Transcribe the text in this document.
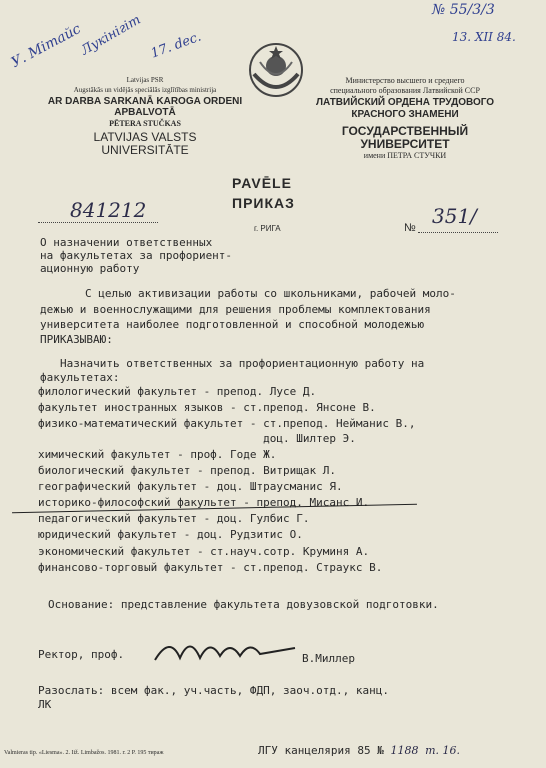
№ 55/3/3
13. XII 84.
У. Мітайс
Лукінігіт 17. dec.
Latvijas PSR
Augstākās un vidējās speciālās izglītības ministrija
AR DARBA SARKANĀ KAROGA ORDENI
APBALVOTĀ
PĒTERA STUČKAS
LATVIJAS VALSTS
UNIVERSITĀTE
Министерство высшего и среднего
специального образования Латвийской ССР
ЛАТВИЙСКИЙ ОРДЕНА ТРУДОВОГО
КРАСНОГО ЗНАМЕНИ
ГОСУДАРСТВЕННЫЙ
УНИВЕРСИТЕТ
имени ПЕТРА СТУЧКИ
PAVĒLE
ПРИКАЗ
841212
г. РИГА	№ 351/
О назначении ответственных
на факультетах за профориент-
ационную работу
С целью активизации работы со школьниками, рабочей моло-
дежью и военнослужащими для решения проблемы комплектования
университета наиболее подготовленной и способной молодежью
ПРИКАЗЫВАЮ:
Назначить ответственных за профориентационную работу на
факультетах:
филологический факультет - препод. Лусе Д.
факультет иностранных языков - ст.препод. Янсоне В.
физико-математический факультет - ст.препод. Нейманис В.,
доц. Шилтер Э.
химический факультет - проф. Годе Ж.
биологический факультет - препод. Витрищак Л.
географический факультет - доц. Штраусманис Я.
историко-философский факультет - препод. Мисанс И.
педагогический факультет - доц. Гулбис Г.
юридический факультет - доц. Рудзитис О.
экономический факультет - ст.науч.сотр. Круминя А.
финансово-торговый факультет - ст.препод. Страукс В.
Основание: представление факультета довузовской подготовки.
Ректор, проф.	В.Миллер
Разослать: всем фак., уч.часть, ФДП, заоч.отд., канц.
ЛК
Valmieras tip. «Liesma». 2. Iiž. Limbažos. 1981. г. 2 Р. 195 тираж	ЛГУ канцелярия 85 № 1188 т. 16.
